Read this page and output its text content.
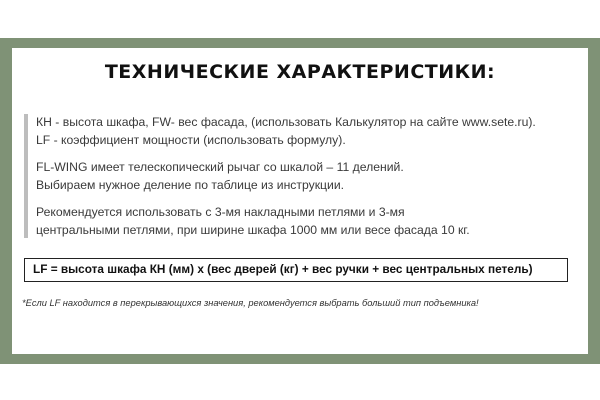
ТЕХНИЧЕСКИЕ ХАРАКТЕРИСТИКИ:
КН - высота шкафа, FW- вес фасада, (использовать Калькулятор на сайте www.sete.ru).
LF - коэффициент мощности (использовать формулу).
FL-WING имеет телескопический рычаг со шкалой – 11 делений.
Выбираем нужное деление по таблице из инструкции.
Рекомендуется использовать с 3-мя накладными петлями и 3-мя
центральными петлями, при ширине шкафа 1000 мм или весе фасада 10 кг.
LF = высота шкафа КН (мм) х (вес дверей (кг) + вес ручки + вес центральных петель)
*Если LF находится в перекрывающихся значения, рекомендуется выбрать больший тип подъемника!
